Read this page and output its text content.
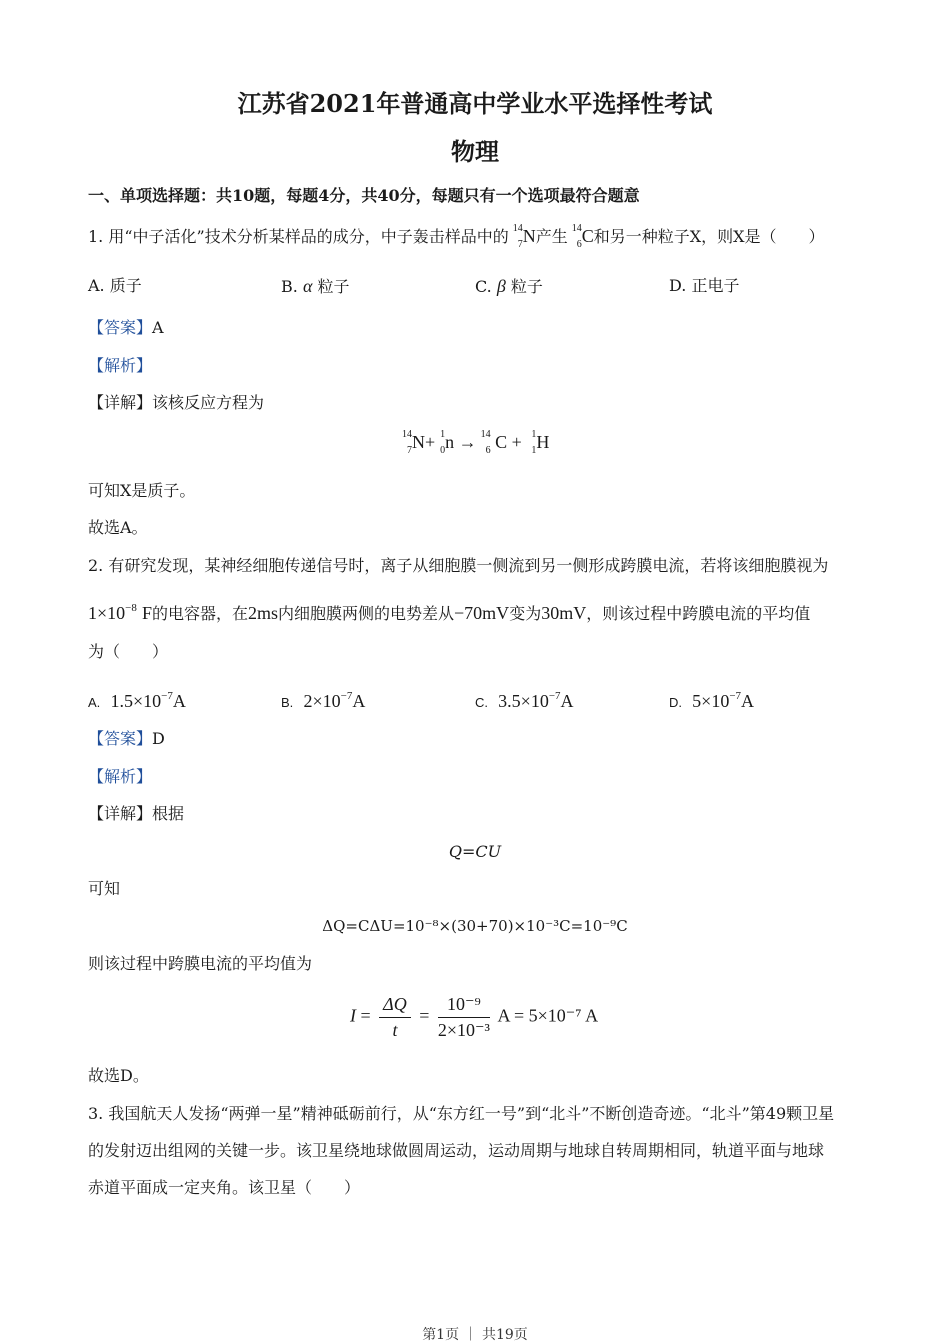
江苏省2021年普通高中学业水平选择性考试
物理
一、单项选择题：共10题，每题4分，共40分，每题只有一个选项最符合题意
1. 用“中子活化”技术分析某样品的成分，中子轰击样品中的 14
7 N产生 14
6 C和另一种粒子X，则X是（　　）
A. 质子	B. α 粒子	C. β 粒子	D. 正电子
【答案】A
【解析】
【详解】该核反应方程为
14
7 N+ 1
0 n → 14
6 C + 1
1 H
可知X是质子。
故选A。
2. 有研究发现，某神经细胞传递信号时，离子从细胞膜一侧流到另一侧形成跨膜电流，若将该细胞膜视为
$1\times 10^{-8}$ F的电容器，在2ms内细胞膜两侧的电势差从−70mV变为30mV，则该过程中跨膜电流的平均值
为（　　）
A. $1.5\times 10^{-7}A$	B. $2\times 10^{-7}A$	C. $3.5\times 10^{-7}A$	D. $5\times 10^{-7}A$
【答案】D
【解析】
【详解】根据
Q=CU
可知
ΔQ=CΔU=10⁻⁸×(30+70)×10⁻³C=10⁻⁹C
则该过程中跨膜电流的平均值为
$I = \frac{\Delta Q}{t} = \frac{\text{10⁻⁹}}{\text{2×10⁻³}}$ A = 5×10⁻⁷ A
故选D。
3. 我国航天人发扬“两弹一星”精神砥砺前行，从“东方红一号”到“北斗”不断创造奇迹。“北斗”第49颗卫星
的发射迈出组网的关键一步。该卫星绕地球做圆周运动，运动周期与地球自转周期相同，轨道平面与地球
赤道平面成一定夹角。该卫星（　　）
第1页 ｜ 共19页
